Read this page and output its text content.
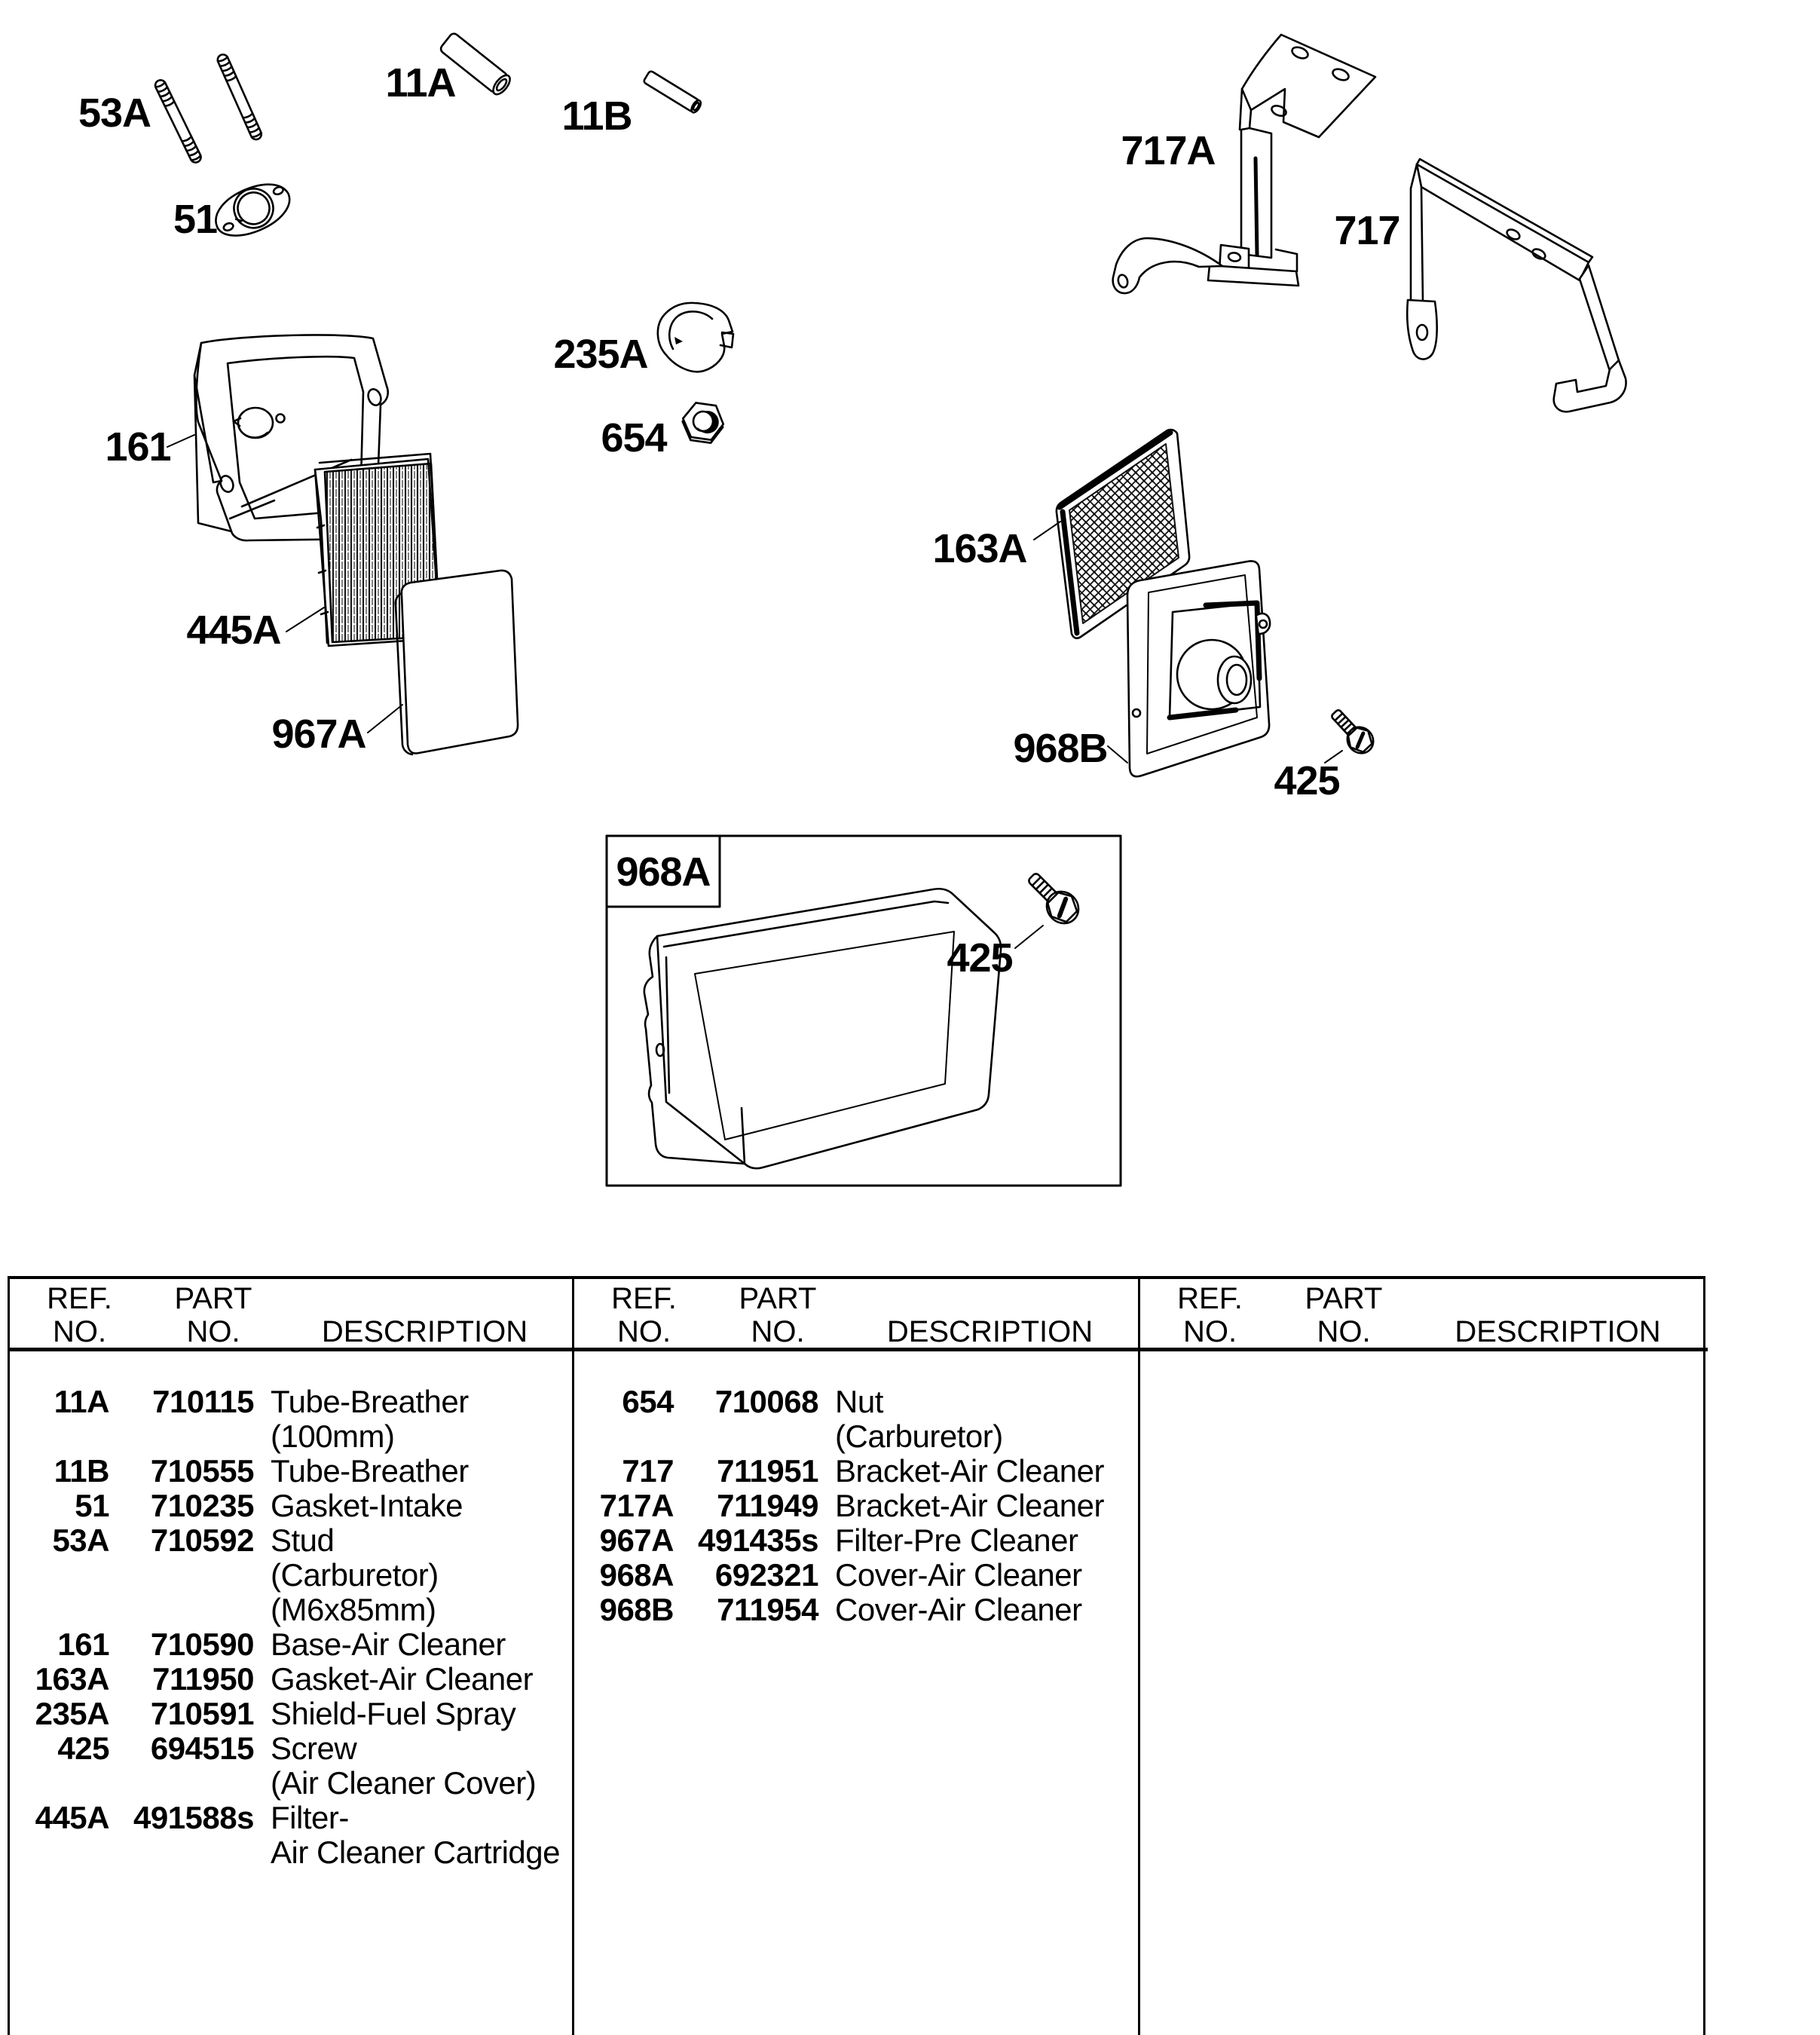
53A
11A
11B
51
235A
654
161
445A
967A
717A
717
163A
968B
425
968A
425
REF.
NO.
PART
NO.
	DESCRIPTION
11A	710115 Tube-Breather
(100mm)
11B	710555 Tube-Breather
51	710235 Gasket-Intake
53A	710592 Stud
(Carburetor)
(M6x85mm)
161	710590 Base-Air Cleaner
163A	711950 Gasket-Air Cleaner
235A	710591 Shield-Fuel Spray
425	694515 Screw
(Air Cleaner Cover)
445A 491588s Filter-
Air Cleaner Cartridge
REF.
NO.
PART
NO.
	DESCRIPTION
654	710068 Nut
(Carburetor)
717	711951 Bracket-Air Cleaner
717A	711949 Bracket-Air Cleaner
967A 491435s Filter-Pre Cleaner
968A	692321 Cover-Air Cleaner
968B	711954 Cover-Air Cleaner
REF.
NO.
PART
NO.
	DESCRIPTION
